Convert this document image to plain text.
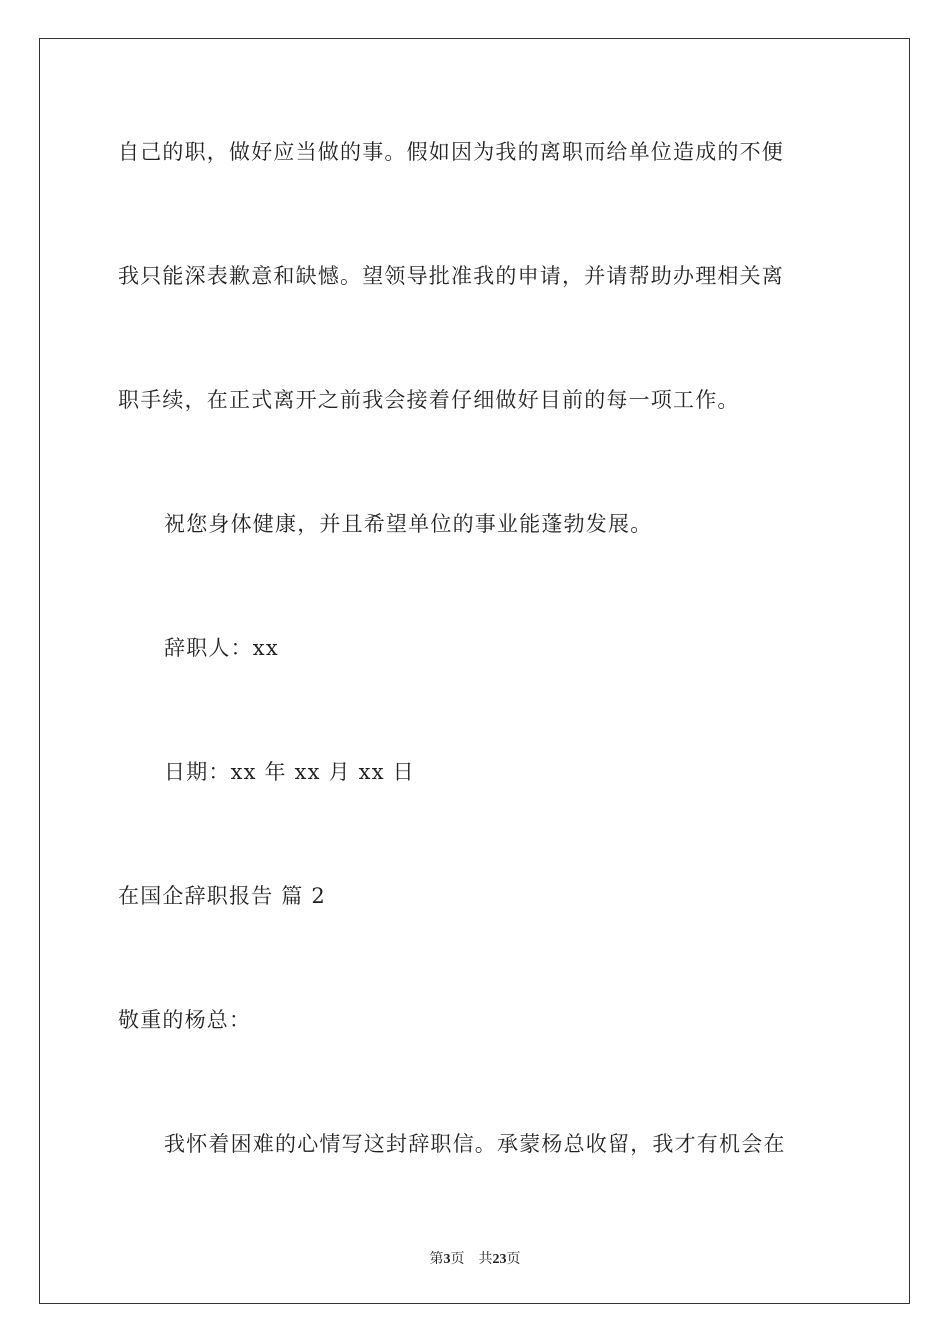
自己的职，做好应当做的事。假如因为我的离职而给单位造成的不便
我只能深表歉意和缺憾。望领导批准我的申请，并请帮助办理相关离
职手续，在正式离开之前我会接着仔细做好目前的每一项工作。
祝您身体健康，并且希望单位的事业能蓬勃发展。
辞职人：xx
日期：xx 年 xx 月 xx 日
在国企辞职报告 篇 2
敬重的杨总：
我怀着困难的心情写这封辞职信。承蒙杨总收留，我才有机会在
第3页 共23页
